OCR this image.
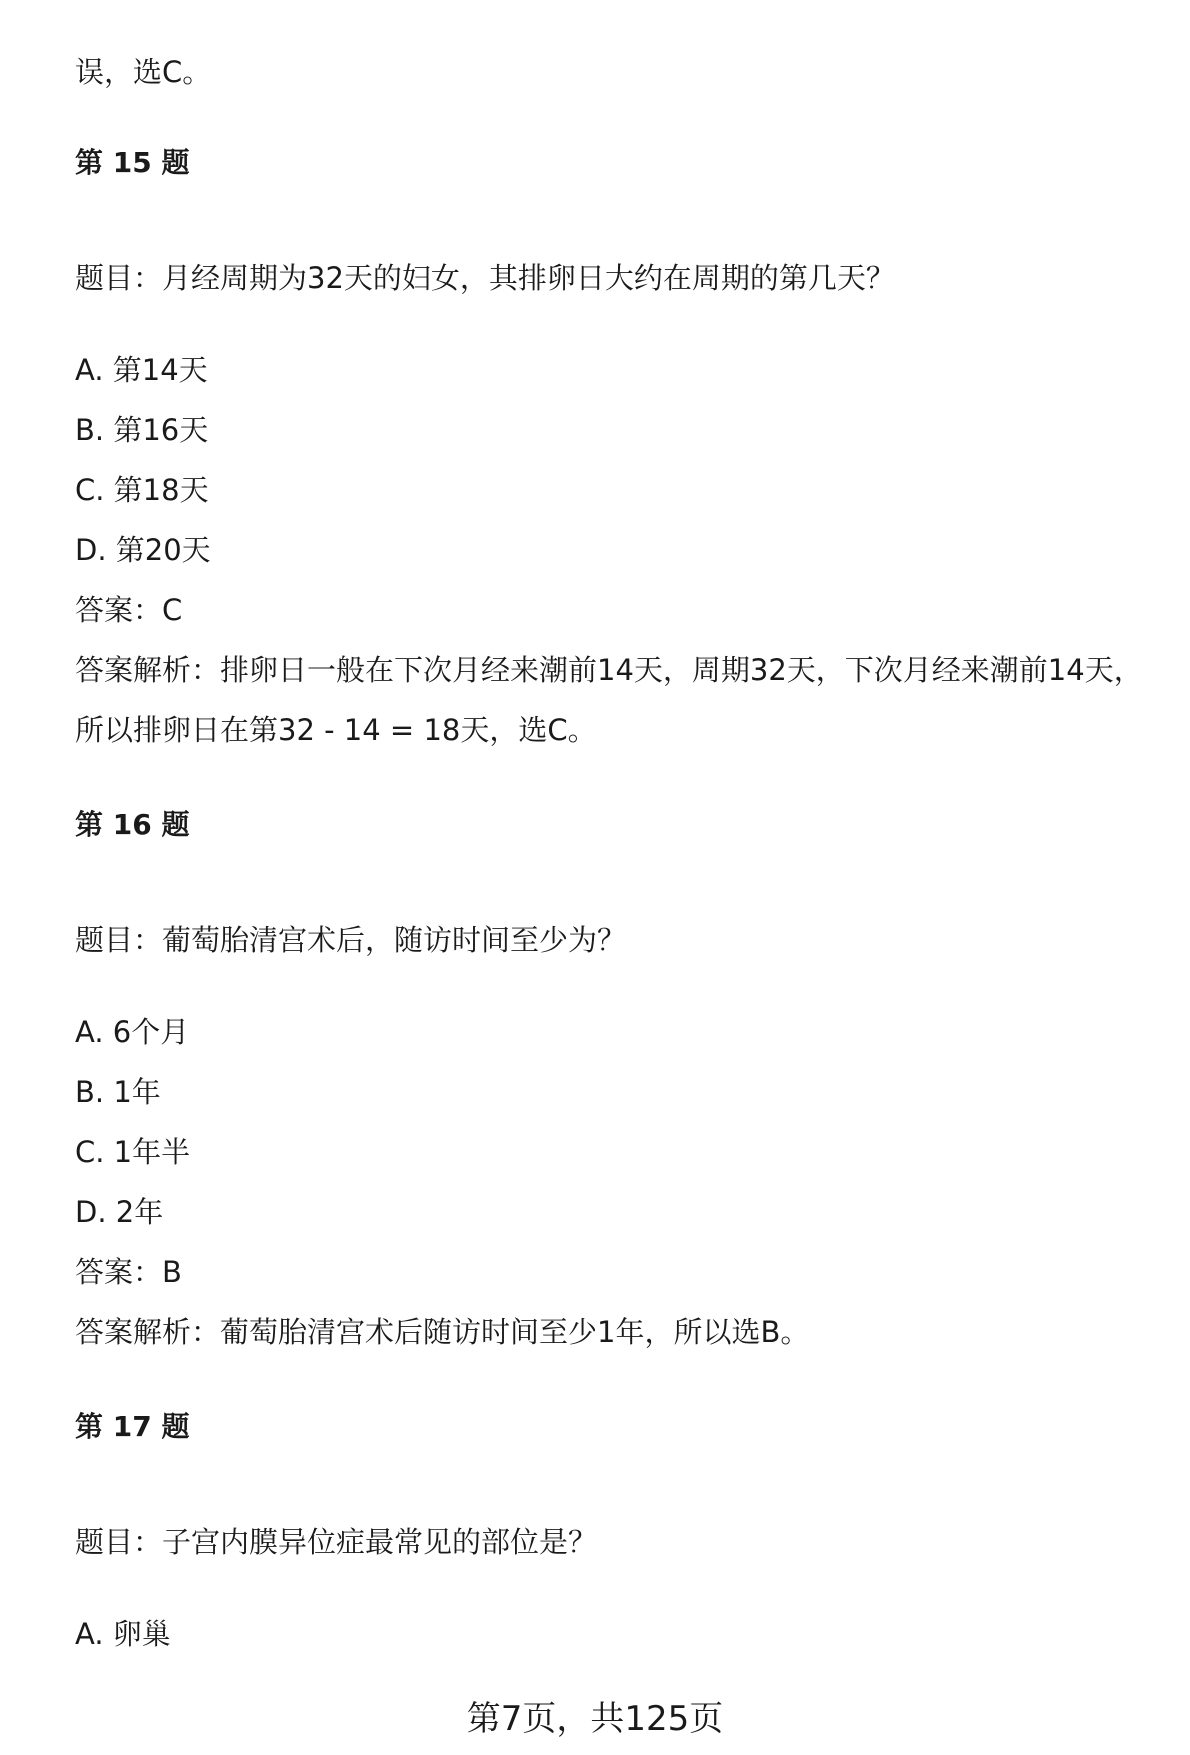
误，选C。

第 15 题

题目：月经周期为32天的妇女，其排卵日大约在周期的第几天？

A. 第14天

B. 第16天

C. 第18天

D. 第20天

答案：C

答案解析：排卵日一般在下次月经来潮前14天，周期32天，下次月经来潮前14天，

所以排卵日在第32 - 14 = 18天，选C。

第 16 题

题目：葡萄胎清宫术后，随访时间至少为？

A. 6个月

B. 1年

C. 1年半

D. 2年

答案：B

答案解析：葡萄胎清宫术后随访时间至少1年，所以选B。

第 17 题

题目：子宫内膜异位症最常见的部位是？

A. 卵巢

第7页，共125页
